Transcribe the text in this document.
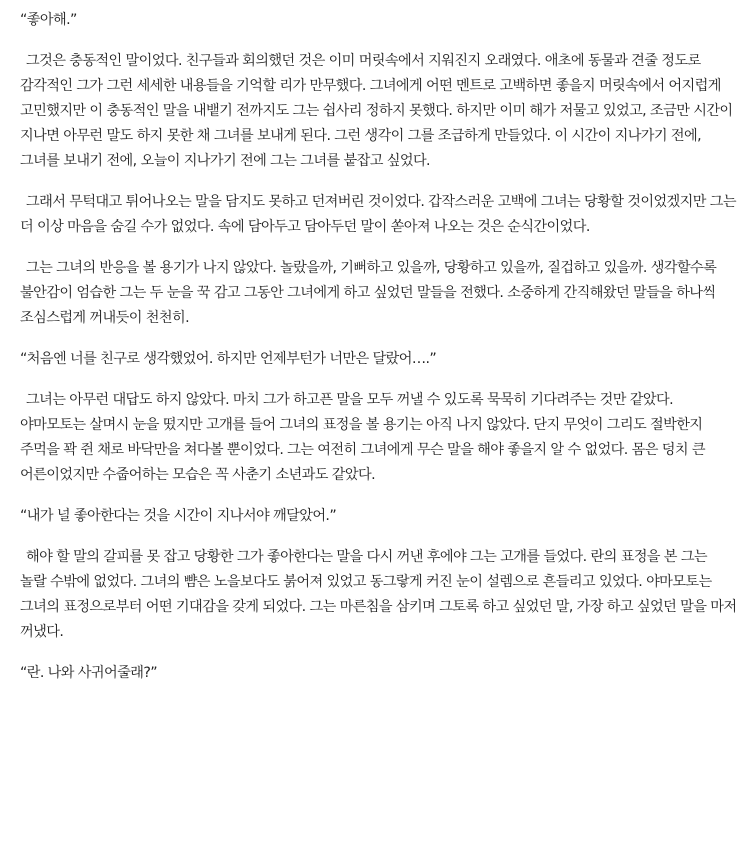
“좋아해.”

그것은 충동적인 말이었다. 친구들과 회의했던 것은 이미 머릿속에서 지워진지 오래였다. 애초에 동물과 견줄 정도로 감각적인 그가 그런 세세한 내용들을 기억할 리가 만무했다. 그녀에게 어떤 멘트로 고백하면 좋을지 머릿속에서 어지럽게 고민했지만 이 충동적인 말을 내뱉기 전까지도 그는 쉽사리 정하지 못했다. 하지만 이미 해가 저물고 있었고, 조금만 시간이 지나면 아무런 말도 하지 못한 채 그녀를 보내게 된다. 그런 생각이 그를 조급하게 만들었다. 이 시간이 지나가기 전에, 그녀를 보내기 전에, 오늘이 지나가기 전에 그는 그녀를 붙잡고 싶었다.

그래서 무턱대고 튀어나오는 말을 담지도 못하고 던져버린 것이었다. 갑작스러운 고백에 그녀는 당황할 것이었겠지만 그는 더 이상 마음을 숨길 수가 없었다. 속에 담아두고 담아두던 말이 쏟아져 나오는 것은 순식간이었다.

그는 그녀의 반응을 볼 용기가 나지 않았다. 놀랐을까, 기뻐하고 있을까, 당황하고 있을까, 질겁하고 있을까. 생각할수록 불안감이 엄습한 그는 두 눈을 꾹 감고 그동안 그녀에게 하고 싶었던 말들을 전했다. 소중하게 간직해왔던 말들을 하나씩 조심스럽게 꺼내듯이 천천히.

“처음엔 너를 친구로 생각했었어. 하지만 언제부턴가 너만은 달랐어….”

그녀는 아무런 대답도 하지 않았다. 마치 그가 하고픈 말을 모두 꺼낼 수 있도록 묵묵히 기다려주는 것만 같았다. 야마모토는 살며시 눈을 떴지만 고개를 들어 그녀의 표정을 볼 용기는 아직 나지 않았다. 단지 무엇이 그리도 절박한지 주먹을 꽉 쥔 채로 바닥만을 쳐다볼 뿐이었다. 그는 여전히 그녀에게 무슨 말을 해야 좋을지 알 수 없었다. 몸은 덩치 큰 어른이었지만 수줍어하는 모습은 꼭 사춘기 소년과도 같았다.

“내가 널 좋아한다는 것을 시간이 지나서야 깨달았어.”

해야 할 말의 갈피를 못 잡고 당황한 그가 좋아한다는 말을 다시 꺼낸 후에야 그는 고개를 들었다. 란의 표정을 본 그는 놀랄 수밖에 없었다. 그녀의 뺨은 노을보다도 붉어져 있었고 동그랗게 커진 눈이 설렘으로 흔들리고 있었다. 야마모토는 그녀의 표정으로부터 어떤 기대감을 갖게 되었다. 그는 마른침을 삼키며 그토록 하고 싶었던 말, 가장 하고 싶었던 말을 마저 꺼냈다.

“란. 나와 사귀어줄래?”
